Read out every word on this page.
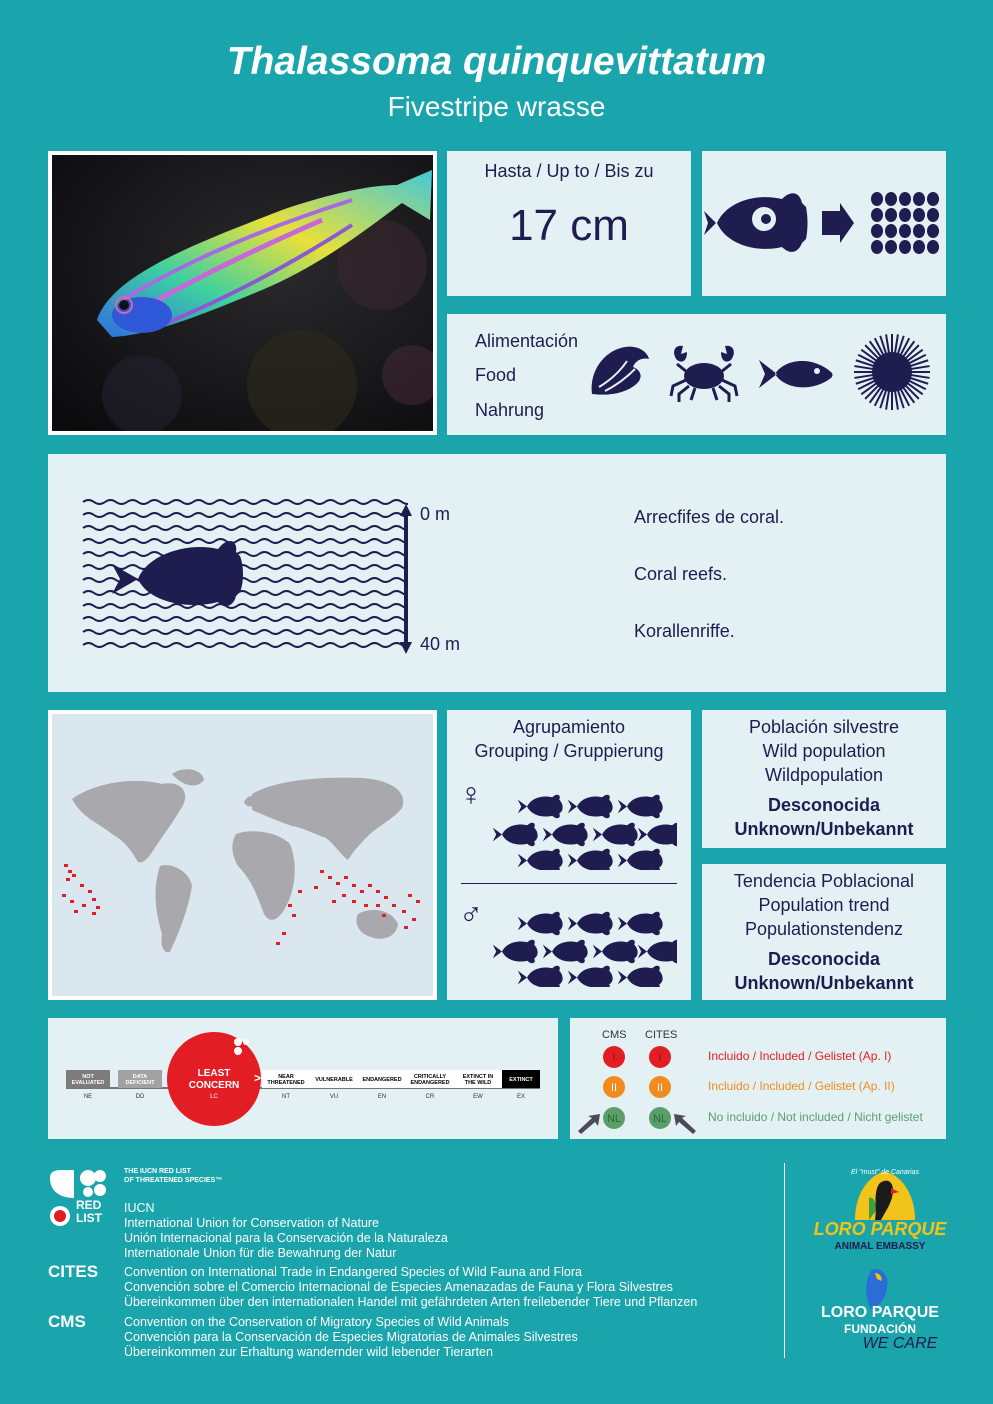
Thalassoma quinquevittatum
Fivestripe wrasse
Hasta / Up to / Bis zu
17 cm
Alimentación
Food
Nahrung
0 m
40 m
Arrecfifes de coral.
Coral reefs.
Korallenriffe.
Agrupamiento
Grouping / Gruppierung
♀
♂
Población silvestre
Wild population
Wildpopulation
Desconocida
Unknown/Unbekannt
Tendencia Poblacional
Population trend
Populationstendenz
Desconocida
Unknown/Unbekannt
LEAST
CONCERN
LC
>
NOT
EVALUATED
NE
DATA
DEFICIENT
DD
NEAR
THREATENED
NT
VULNERABLE
VU
ENDANGERED
EN
CRITICALLY
ENDANGERED
CR
EXTINCT IN
THE WILD
EW
EXTINCT
EX
CMS CITES
I	I
II	II
NL	NL
Incluido / Included / Gelistet (Ap. I)
Incluido / Included / Gelistet (Ap. II)
No incluido / Not included / Nicht gelistet
RED
LIST
THE IUCN RED LIST
OF THREATENED SPECIES™
IUCN
International Union for Conservation of Nature
Unión Internacional para la Conservación de la Naturaleza
Internationale Union für die Bewahrung der Natur
CITES Convention on International Trade in Endangered Species of Wild Fauna and Flora
Convención sobre el Comercio Internacional de Especies Amenazadas de Fauna y Flora Silvestres
Übereinkommen über den internationalen Handel mit gefährdeten Arten freilebender Tiere und Pflanzen
CMS	Convention on the Conservation of Migratory Species of Wild Animals
Convención para la Conservación de Especies Migratorias de Animales Silvestres
Übereinkommen zur Erhaltung wandernder wild lebender Tierarten
El "must" de Canarias
LORO PARQUE
ANIMAL EMBASSY
LORO PARQUE
FUNDACIÓN
WE CARE
